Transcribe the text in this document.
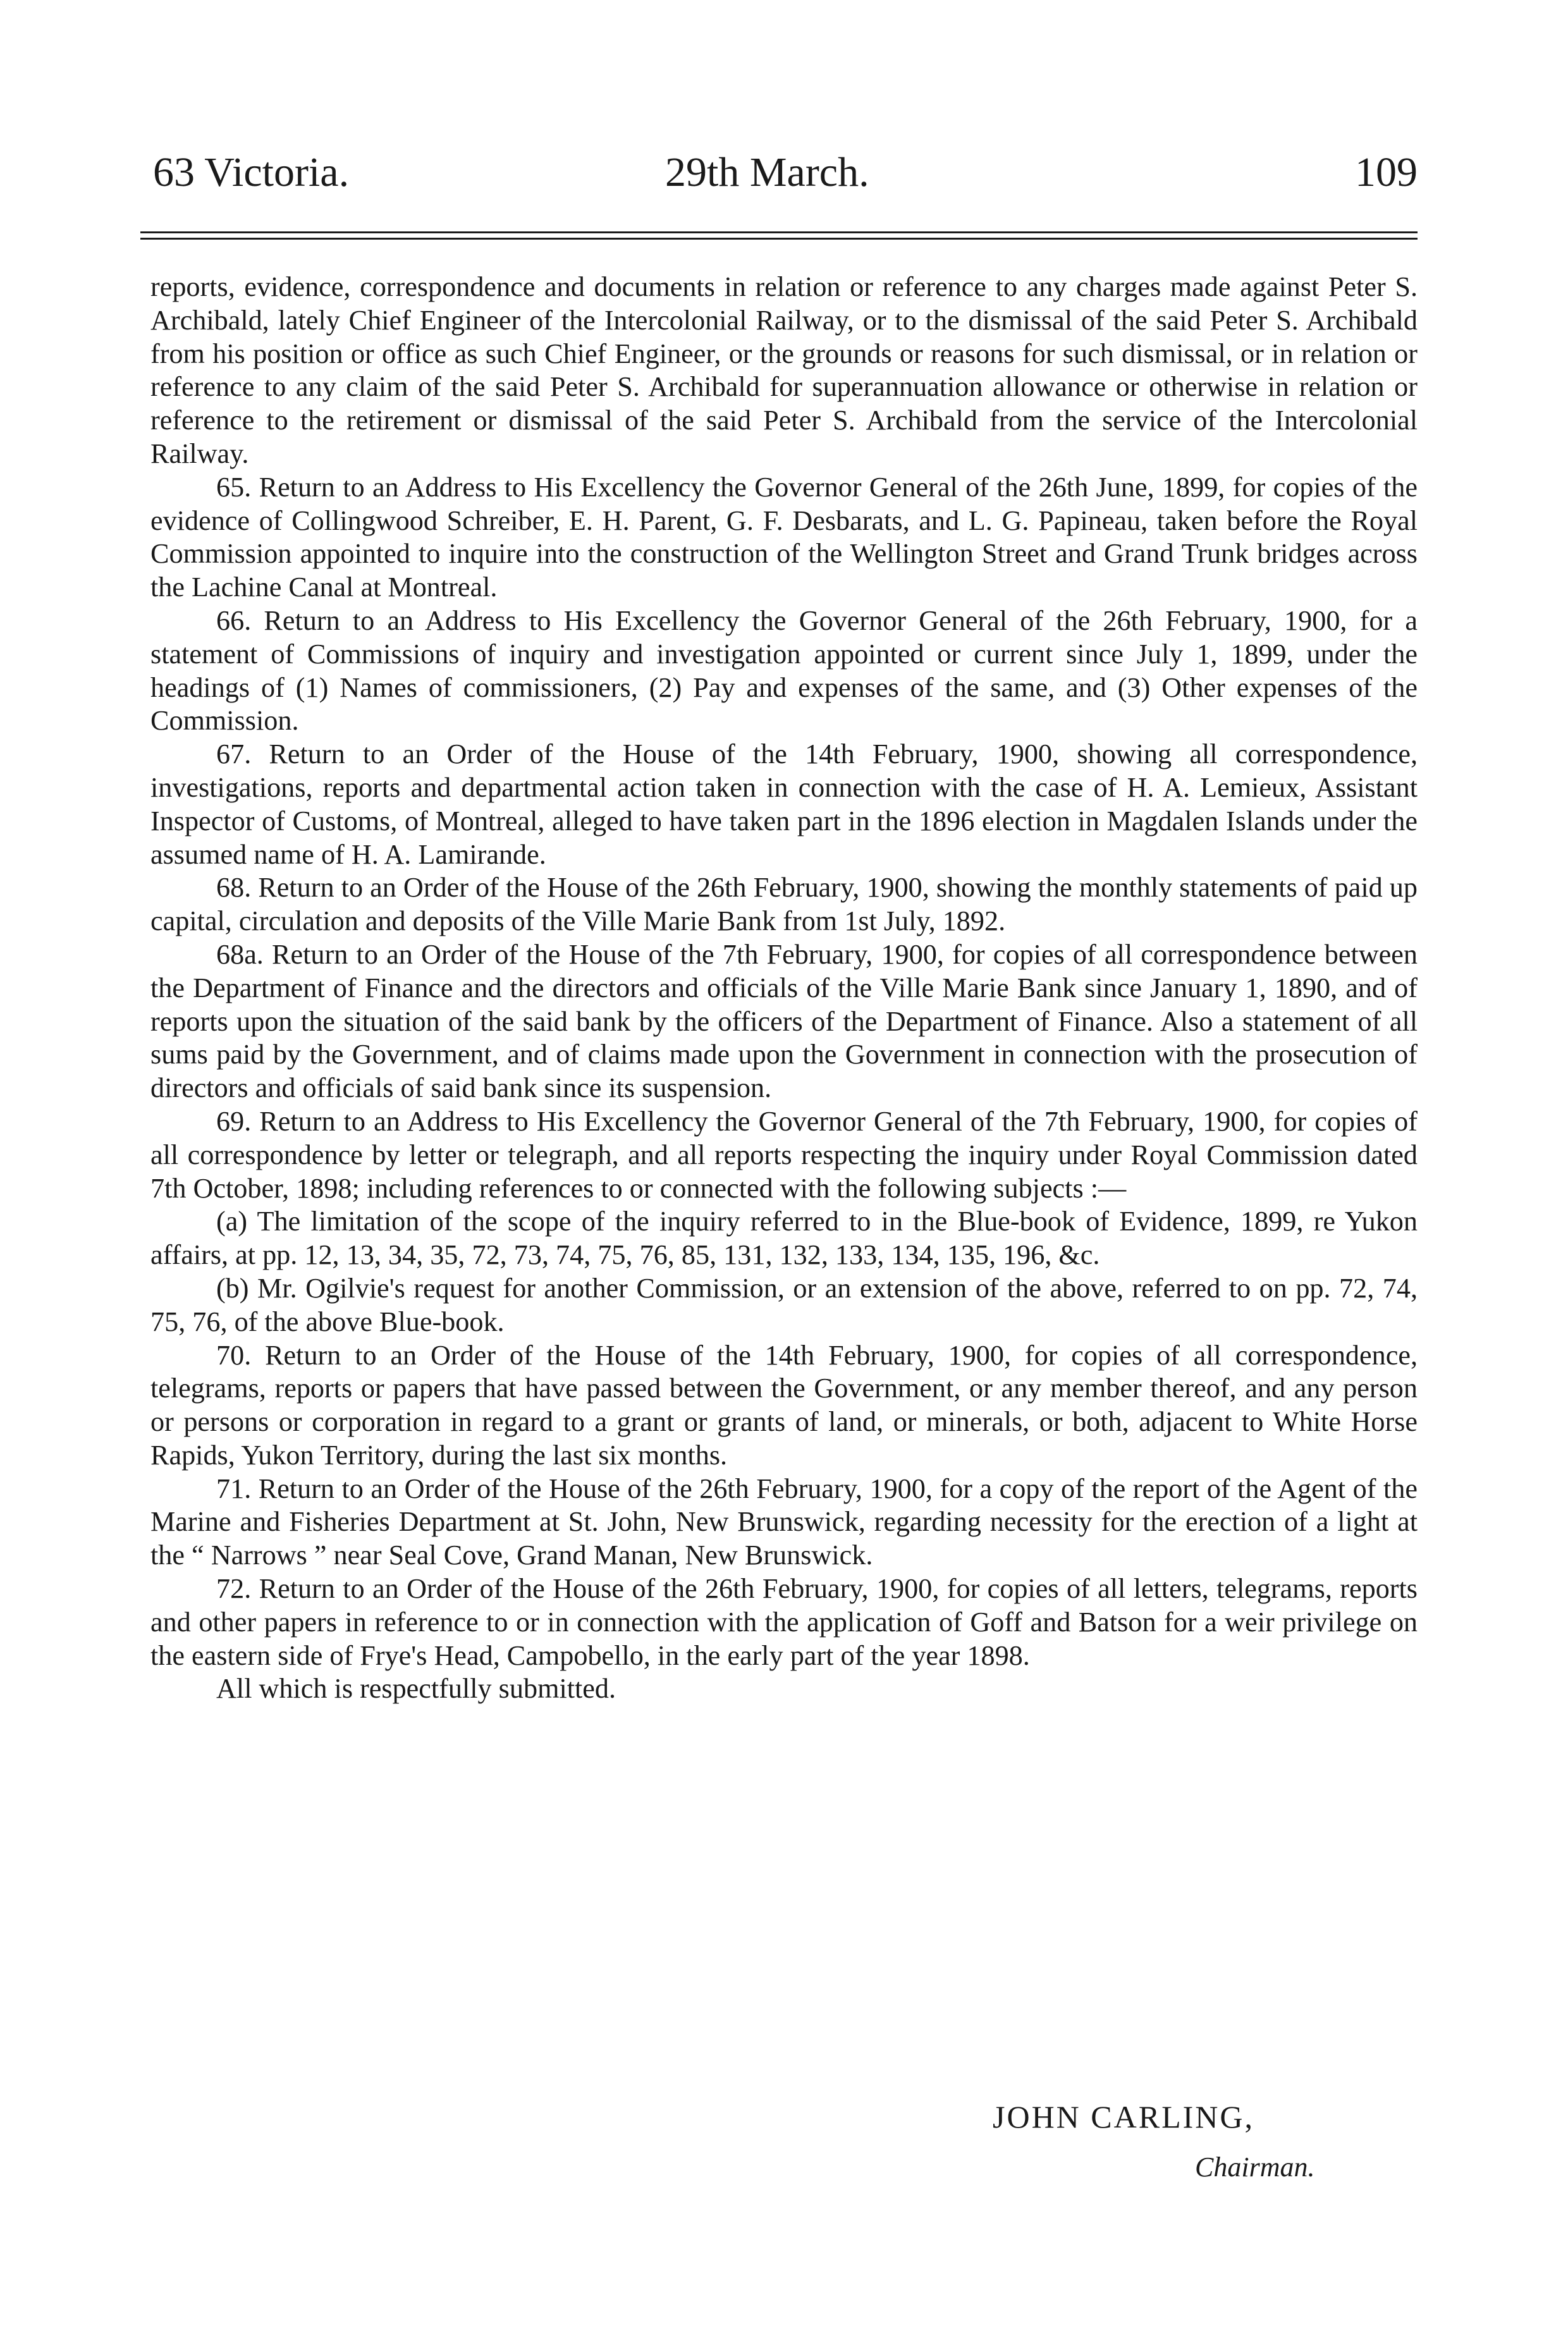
63 Victoria.	29th March.	109

reports, evidence, correspondence and documents in relation or reference to any charges made against Peter S. Archibald, lately Chief Engineer of the Intercolonial Railway, or to the dismissal of the said Peter S. Archibald from his position or office as such Chief Engineer, or the grounds or reasons for such dismissal, or in relation or reference to any claim of the said Peter S. Archibald for superannuation allowance or otherwise in relation or reference to the retirement or dismissal of the said Peter S. Archibald from the service of the Intercolonial Railway.

65. Return to an Address to His Excellency the Governor General of the 26th June, 1899, for copies of the evidence of Collingwood Schreiber, E. H. Parent, G. F. Desbarats, and L. G. Papineau, taken before the Royal Commission appointed to inquire into the construction of the Wellington Street and Grand Trunk bridges across the Lachine Canal at Montreal.

66. Return to an Address to His Excellency the Governor General of the 26th February, 1900, for a statement of Commissions of inquiry and investigation appointed or current since July 1, 1899, under the headings of (1) Names of commissioners, (2) Pay and expenses of the same, and (3) Other expenses of the Commission.

67. Return to an Order of the House of the 14th February, 1900, showing all correspondence, investigations, reports and departmental action taken in connection with the case of H. A. Lemieux, Assistant Inspector of Customs, of Montreal, alleged to have taken part in the 1896 election in Magdalen Islands under the assumed name of H. A. Lamirande.

68. Return to an Order of the House of the 26th February, 1900, showing the monthly statements of paid up capital, circulation and deposits of the Ville Marie Bank from 1st July, 1892.

68a. Return to an Order of the House of the 7th February, 1900, for copies of all correspondence between the Department of Finance and the directors and officials of the Ville Marie Bank since January 1, 1890, and of reports upon the situation of the said bank by the officers of the Department of Finance. Also a statement of all sums paid by the Government, and of claims made upon the Government in connection with the prosecution of directors and officials of said bank since its suspension.

69. Return to an Address to His Excellency the Governor General of the 7th February, 1900, for copies of all correspondence by letter or telegraph, and all reports respecting the inquiry under Royal Commission dated 7th October, 1898; including references to or connected with the following subjects :—

(a) The limitation of the scope of the inquiry referred to in the Blue-book of Evidence, 1899, re Yukon affairs, at pp. 12, 13, 34, 35, 72, 73, 74, 75, 76, 85, 131, 132, 133, 134, 135, 196, &c.

(b) Mr. Ogilvie's request for another Commission, or an extension of the above, referred to on pp. 72, 74, 75, 76, of the above Blue-book.

70. Return to an Order of the House of the 14th February, 1900, for copies of all correspondence, telegrams, reports or papers that have passed between the Government, or any member thereof, and any person or persons or corporation in regard to a grant or grants of land, or minerals, or both, adjacent to White Horse Rapids, Yukon Territory, during the last six months.

71. Return to an Order of the House of the 26th February, 1900, for a copy of the report of the Agent of the Marine and Fisheries Department at St. John, New Brunswick, regarding necessity for the erection of a light at the “ Narrows ” near Seal Cove, Grand Manan, New Brunswick.

72. Return to an Order of the House of the 26th February, 1900, for copies of all letters, telegrams, reports and other papers in reference to or in connection with the application of Goff and Batson for a weir privilege on the eastern side of Frye's Head, Campobello, in the early part of the year 1898.

All which is respectfully submitted.

JOHN CARLING,
Chairman.
